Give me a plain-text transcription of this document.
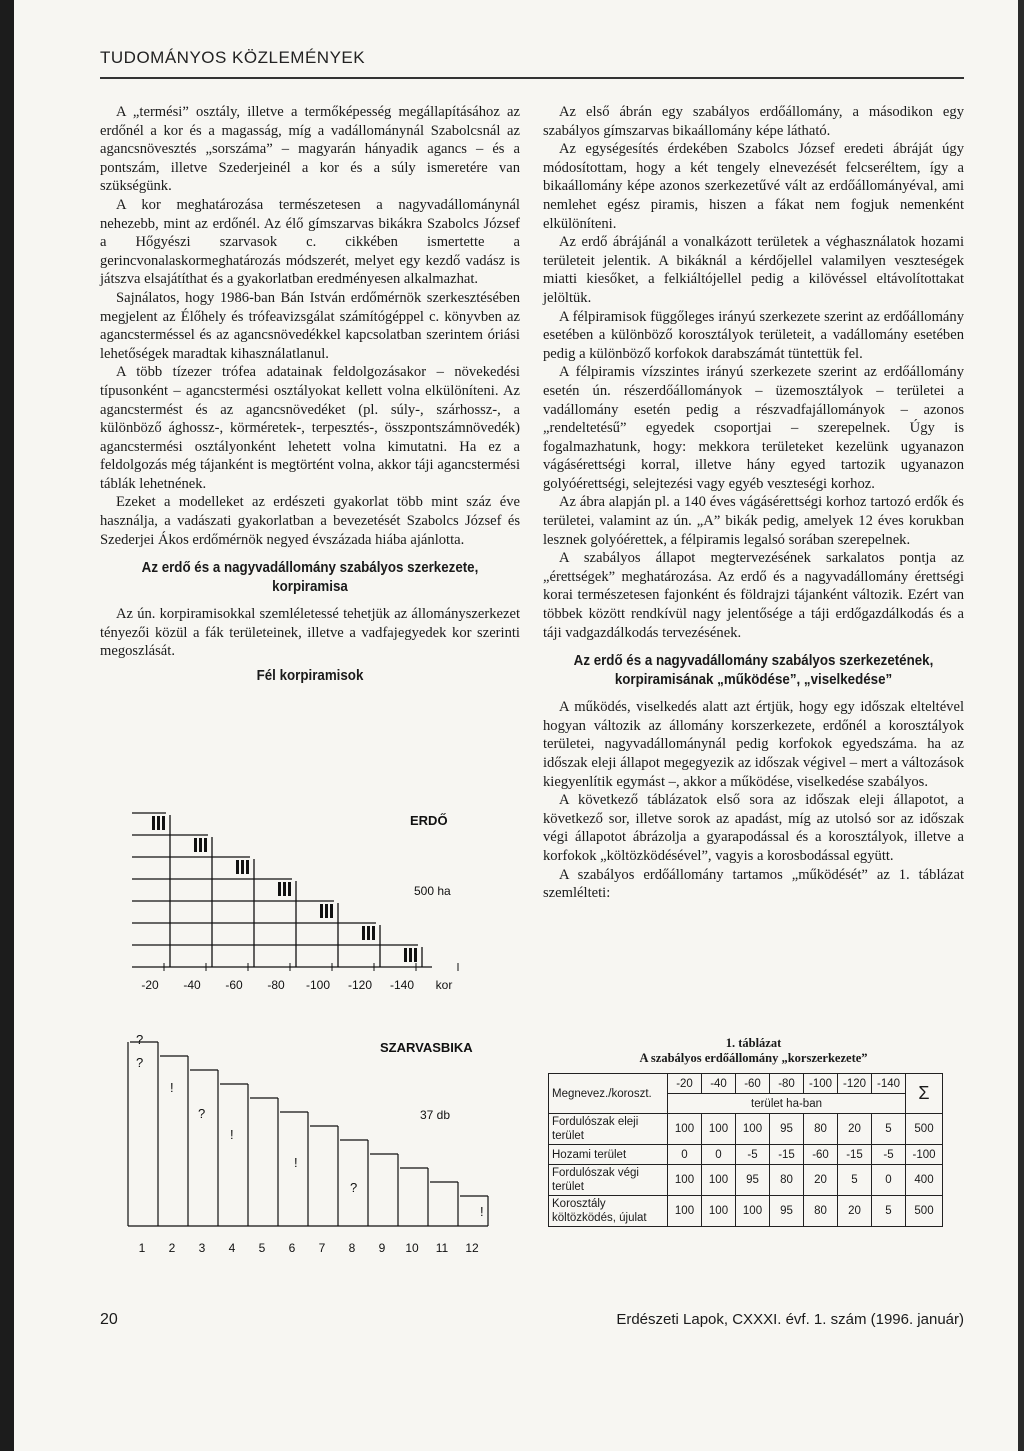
TUDOMÁNYOS KÖZLEMÉNYEK

A „termési” osztály, illetve a termőképesség megállapításához az erdőnél a kor és a magasság, míg a vadállománynál Szabolcsnál az agancsnövesztés „sorszáma” – magyarán hányadik agancs – és a pontszám, illetve Szederjeinél a kor és a súly ismeretére van szükségünk.

A kor meghatározása természetesen a nagyvadállománynál nehezebb, mint az erdőnél. Az élő gímszarvas bikákra Szabolcs József a Hőgyészi szarvasok c. cikkében ismertette a gerincvonalaskormeghatározás módszerét, melyet egy kezdő vadász is játszva elsajátíthat és a gyakorlatban eredményesen alkalmazhat.

Sajnálatos, hogy 1986-ban Bán István erdőmérnök szerkesztésében megjelent az Élőhely és trófeavizsgálat számítógéppel c. könyvben az agancsterméssel és az agancsnövedékkel kapcsolatban szerintem óriási lehetőségek maradtak kihasználatlanul.

A több tízezer trófea adatainak feldolgozásakor – növekedési típusonként – agancstermési osztályokat kellett volna elkülöníteni. Az agancstermést és az agancsnövedéket (pl. súly-, szárhossz-, a különböző ághossz-, körméretek-, terpesztés-, összpontszámnövedék) agancstermési osztályonként lehetett volna kimutatni. Ha ez a feldolgozás még tájanként is megtörtént volna, akkor táji agancstermési táblák lehetnének.

Ezeket a modelleket az erdészeti gyakorlat több mint száz éve használja, a vadászati gyakorlatban a bevezetését Szabolcs József és Szederjei Ákos erdőmérnök negyed évszázada hiába ajánlotta.

Az erdő és a nagyvadállomány szabályos szerkezete, korpiramisa

Az ún. korpiramisokkal szemléletessé tehetjük az állományszerkezet tényezői közül a fák területeinek, illetve a vadfajegyedek kor szerinti megoszlását.

Fél korpiramisok
ERDŐ
500 ha
-20 -40 -60 -80 -100 -120 -140 kor
SZARVASBIKA
37 db
?
?
!
?
!
!
?
!
1 2 3 4 5 6 7 8 9 10 11 12

Az első ábrán egy szabályos erdőállomány, a másodikon egy szabályos gímszarvas bikaállomány képe látható.

Az egységesítés érdekében Szabolcs József eredeti ábráját úgy módosítottam, hogy a két tengely elnevezését felcseréltem, így a bikaállomány képe azonos szerkezetűvé vált az erdőállományéval, ami nemlehet egész piramis, hiszen a fákat nem fogjuk nemenként elkülöníteni.

Az erdő ábrájánál a vonalkázott területek a véghasználatok hozami területeit jelentik. A bikáknál a kérdőjellel valamilyen veszteségek miatti kiesőket, a felkiáltójellel pedig a kilövéssel eltávolítottakat jelöltük.

A félpiramisok függőleges irányú szerkezete szerint az erdőállomány esetében a különböző korosztályok területeit, a vadállomány esetében pedig a különböző korfokok darabszámát tüntettük fel.

A félpiramis vízszintes irányú szerkezete szerint az erdőállomány esetén ún. részerdőállományok – üzemosztályok – területei a vadállomány esetén pedig a részvadfajállományok – azonos „rendeltetésű” egyedek csoportjai – szerepelnek. Úgy is fogalmazhatunk, hogy: mekkora területeket kezelünk ugyanazon vágásérettségi korral, illetve hány egyed tartozik ugyanazon golyóérettségi, selejtezési vagy egyéb veszteségi korhoz.

Az ábra alapján pl. a 140 éves vágásérettségi korhoz tartozó erdők és területei, valamint az ún. „A” bikák pedig, amelyek 12 éves korukban lesznek golyóérettek, a félpiramis legalsó sorában szerepelnek.

A szabályos állapot megtervezésének sarkalatos pontja az „érettségek” meghatározása. Az erdő és a nagyvadállomány érettségi korai természetesen fajonként és földrajzi tájanként változik. Ezért van többek között rendkívül nagy jelentősége a táji erdőgazdálkodás és a táji vadgazdálkodás tervezésének.

Az erdő és a nagyvadállomány szabályos szerkezetének, korpiramisának „működése”, „viselkedése”

A működés, viselkedés alatt azt értjük, hogy egy időszak elteltével hogyan változik az állomány korszerkezete, erdőnél a korosztályok területei, nagyvadállománynál pedig korfokok egyedszáma. ha az időszak eleji állapot megegyezik az időszak végivel – mert a változások kiegyenlítik egymást –, akkor a működése, viselkedése szabályos.

A következő táblázatok első sora az időszak eleji állapotot, a következő sor, illetve sorok az apadást, míg az utolsó sor az időszak végi állapotot ábrázolja a gyarapodással és a korosztályok, illetve a korfokok „költözködésével”, vagyis a korosbodással együtt.

A szabályos erdőállomány tartamos „működését” az 1. táblázat szemlélteti:

1. táblázat
A szabályos erdőállomány „korszerkezete”
Megnevez./koroszt.	-20	-40	-60	-80	-100	-120	-140	Σ
	terület ha-ban							
Fordulószak eleji terület	100	100	100	95	80	20	5	500
Hozami terület	0	0	-5	-15	-60	-15	-5	-100
Fordulószak végi terület	100	100	95	80	20	5	0	400
Korosztály költözködés, újulat	100	100	100	95	80	20	5	500
20	Erdészeti Lapok, CXXXI. évf. 1. szám (1996. január)
